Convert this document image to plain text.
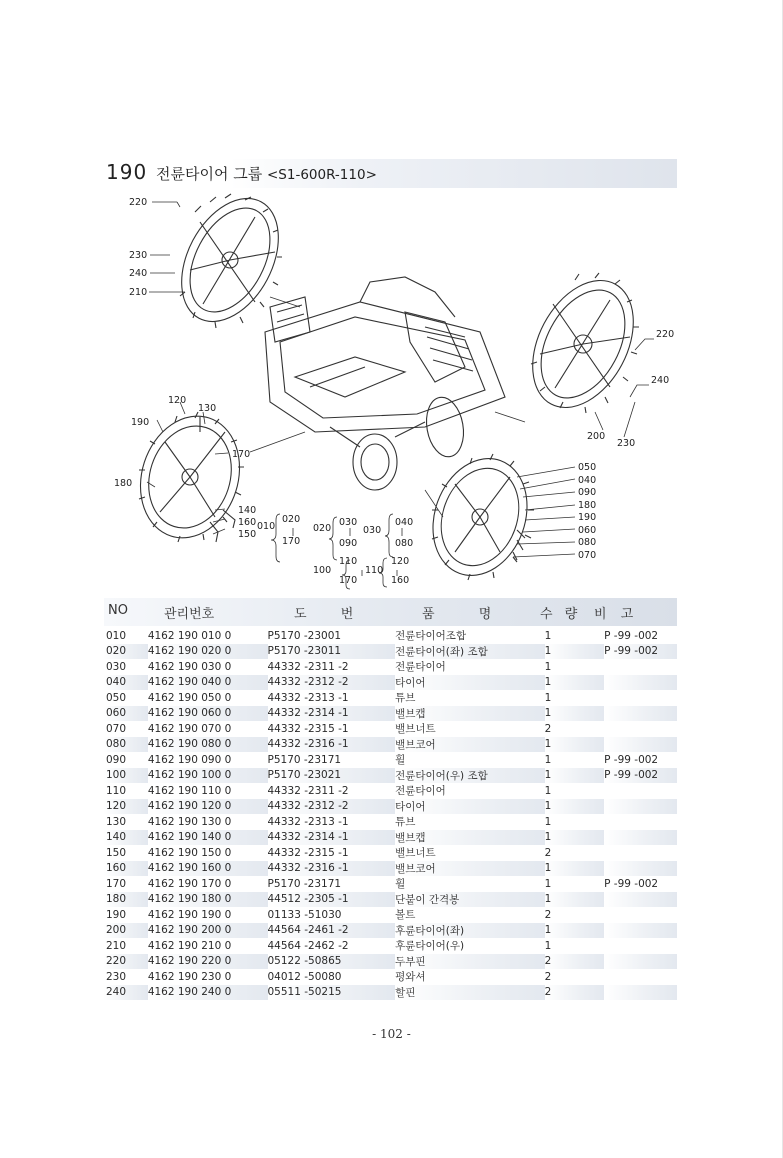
190 전륜타이어 그룹 <S1-600R-110>
220
230
240
210
220
240
200
230
190
120
130
170
180
140
160
150
050
040
090
180
190
060
080
070
010
020
170
020
030
090
030
040
080
100
110
170
110
120
160
NO	관리번호	도 번	품 명	수 량 비 고
010	4162 190 010 0	P5170 -23001	전륜타이어조합	1	P -99 -002
020	4162 190 020 0	P5170 -23011	전륜타이어(좌) 조합	1	P -99 -002
030	4162 190 030 0	44332 -2311 -2	전륜타이어	1	
040	4162 190 040 0	44332 -2312 -2	타이어	1	
050	4162 190 050 0	44332 -2313 -1	튜브	1	
060	4162 190 060 0	44332 -2314 -1	밸브캡	1	
070	4162 190 070 0	44332 -2315 -1	밸브너트	2	
080	4162 190 080 0	44332 -2316 -1	밸브코어	1	
090	4162 190 090 0	P5170 -23171	휠	1	P -99 -002
100	4162 190 100 0	P5170 -23021	전륜타이어(우) 조합	1	P -99 -002
110	4162 190 110 0	44332 -2311 -2	전륜타이어	1	
120	4162 190 120 0	44332 -2312 -2	타이어	1	
130	4162 190 130 0	44332 -2313 -1	튜브	1	
140	4162 190 140 0	44332 -2314 -1	밸브캡	1	
150	4162 190 150 0	44332 -2315 -1	밸브너트	2	
160	4162 190 160 0	44332 -2316 -1	밸브코어	1	
170	4162 190 170 0	P5170 -23171	휠	1	P -99 -002
180	4162 190 180 0	44512 -2305 -1	단붙이 간격봉	1	
190	4162 190 190 0	01133 -51030	볼트	2	
200	4162 190 200 0	44564 -2461 -2	후륜타이어(좌)	1	
210	4162 190 210 0	44564 -2462 -2	후륜타이어(우)	1	
220	4162 190 220 0	05122 -50865	두부핀	2	
230	4162 190 230 0	04012 -50080	평와셔	2	
240	4162 190 240 0	05511 -50215	할핀	2	
- 102 -
